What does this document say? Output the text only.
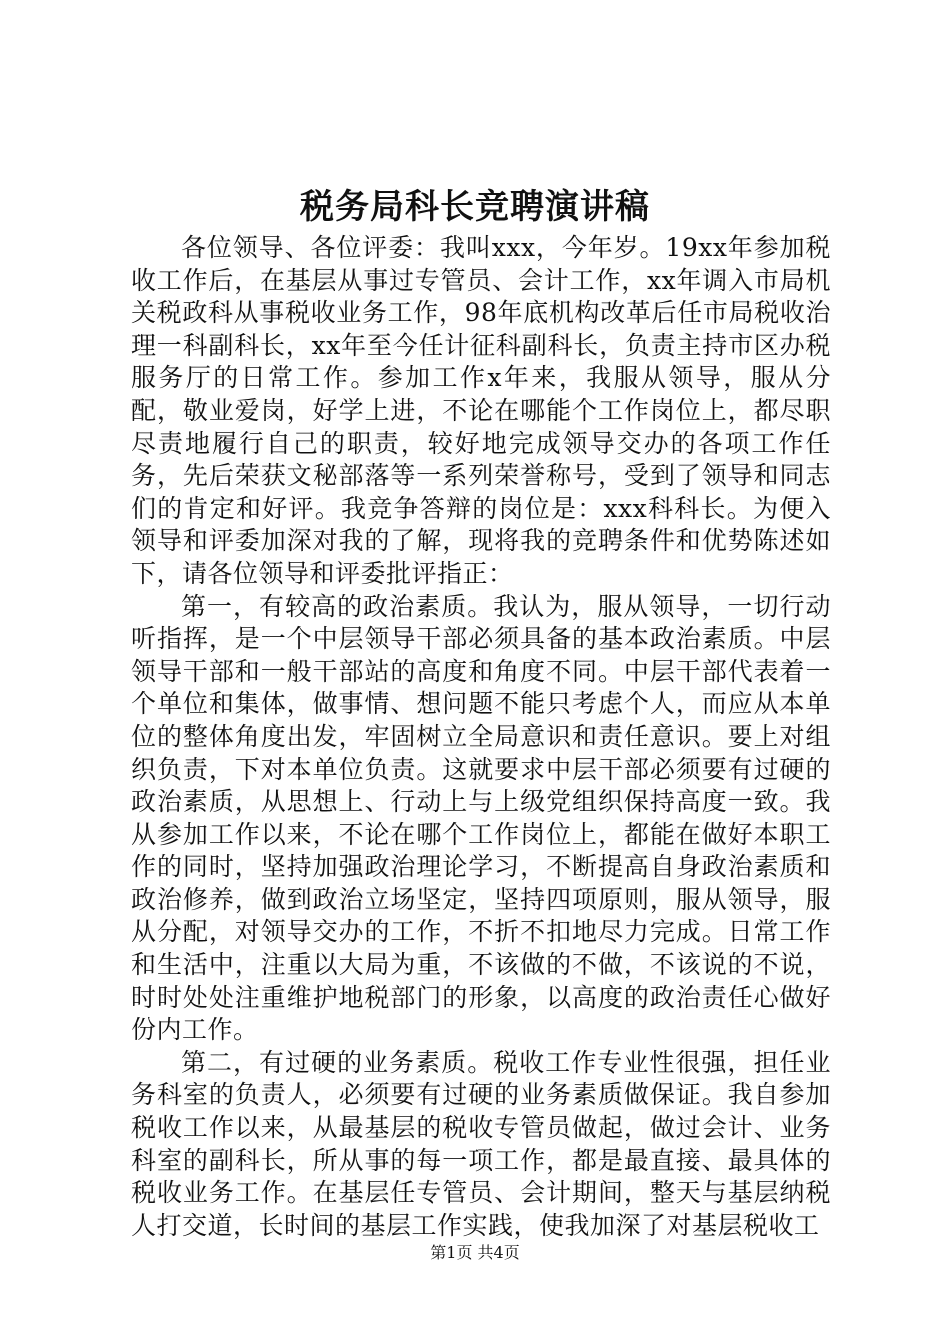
税务局科长竞聘演讲稿

各位领导、各位评委：我叫xxx，今年岁。19xx年参加税收工作后，在基层从事过专管员、会计工作，xx年调入市局机关税政科从事税收业务工作，98年底机构改革后任市局税收治理一科副科长，xx年至今任计征科副科长，负责主持市区办税服务厅的日常工作。参加工作x年来，我服从领导，服从分配，敬业爱岗，好学上进，不论在哪能个工作岗位上，都尽职尽责地履行自己的职责，较好地完成领导交办的各项工作任务，先后荣获文秘部落等一系列荣誉称号，受到了领导和同志们的肯定和好评。我竞争答辩的岗位是：xxx科科长。为便入领导和评委加深对我的了解，现将我的竞聘条件和优势陈述如下，请各位领导和评委批评指正：

第一，有较高的政治素质。我认为，服从领导，一切行动听指挥，是一个中层领导干部必须具备的基本政治素质。中层领导干部和一般干部站的高度和角度不同。中层干部代表着一个单位和集体，做事情、想问题不能只考虑个人，而应从本单位的整体角度出发，牢固树立全局意识和责任意识。要上对组织负责，下对本单位负责。这就要求中层干部必须要有过硬的政治素质，从思想上、行动上与上级党组织保持高度一致。我从参加工作以来，不论在哪个工作岗位上，都能在做好本职工作的同时，坚持加强政治理论学习，不断提高自身政治素质和政治修养，做到政治立场坚定，坚持四项原则，服从领导，服从分配，对领导交办的工作，不折不扣地尽力完成。日常工作和生活中，注重以大局为重，不该做的不做，不该说的不说，时时处处注重维护地税部门的形象，以高度的政治责任心做好份内工作。

第二，有过硬的业务素质。税收工作专业性很强，担任业务科室的负责人，必须要有过硬的业务素质做保证。我自参加税收工作以来，从最基层的税收专管员做起，做过会计、业务科室的副科长，所从事的每一项工作，都是最直接、最具体的税收业务工作。在基层任专管员、会计期间，整天与基层纳税人打交道，长时间的基层工作实践，使我加深了对基层税收工

第1页 共4页
